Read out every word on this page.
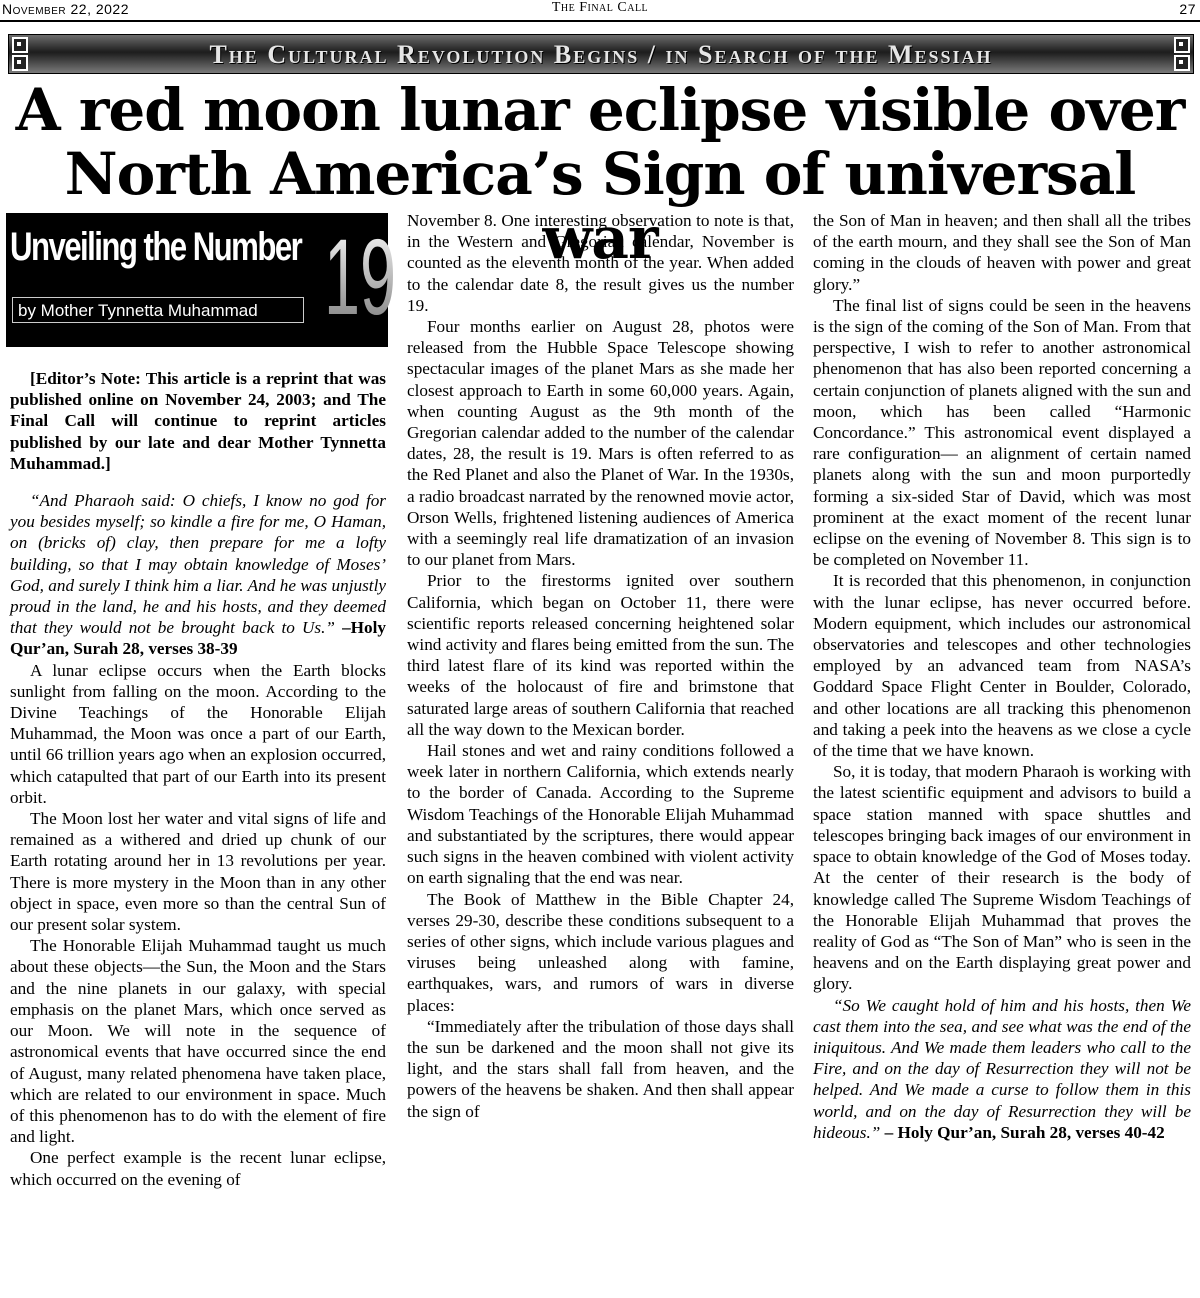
November 22, 2022	The Final Call	27
The Cultural Revolution Begins / in Search of the Messiah
A red moon lunar eclipse visible over
North America’s Sign of universal war
Unveiling the Number 19
by Mother Tynnetta Muhammad

[Editor’s Note: This article is a reprint that was published online on November 24, 2003; and The Final Call will continue to reprint articles published by our late and dear Mother Tynnetta Muhammad.]

“And Pharaoh said: O chiefs, I know no god for you besides myself; so kindle a fire for me, O Haman, on (bricks of) clay, then prepare for me a lofty building, so that I may obtain knowledge of Moses’ God, and surely I think him a liar. And he was unjustly proud in the land, he and his hosts, and they deemed that they would not be brought back to Us.” –Holy Qur’an, Surah 28, verses 38-39

A lunar eclipse occurs when the Earth blocks sunlight from falling on the moon. According to the Divine Teachings of the Honorable Elijah Muhammad, the Moon was once a part of our Earth, until 66 trillion years ago when an explosion occurred, which catapulted that part of our Earth into its present orbit.

The Moon lost her water and vital signs of life and remained as a withered and dried up chunk of our Earth rotating around her in 13 revolutions per year. There is more mystery in the Moon than in any other object in space, even more so than the central Sun of our present solar system.

The Honorable Elijah Muhammad taught us much about these objects—the Sun, the Moon and the Stars and the nine planets in our galaxy, with special emphasis on the planet Mars, which once served as our Moon. We will note in the sequence of astronomical events that have occurred since the end of August, many related phenomena have taken place, which are related to our environment in space. Much of this phenomenon has to do with the element of fire and light.

One perfect example is the recent lunar eclipse, which occurred on the evening of

November 8. One interesting observation to note is that, in the Western and Gregorian calendar, November is counted as the eleventh month of the year. When added to the calendar date 8, the result gives us the number 19.

Four months earlier on August 28, photos were released from the Hubble Space Telescope showing spectacular images of the planet Mars as she made her closest approach to Earth in some 60,000 years. Again, when counting August as the 9th month of the Gregorian calendar added to the number of the calendar dates, 28, the result is 19. Mars is often referred to as the Red Planet and also the Planet of War. In the 1930s, a radio broadcast narrated by the renowned movie actor, Orson Wells, frightened listening audiences of America with a seemingly real life dramatization of an invasion to our planet from Mars.

Prior to the firestorms ignited over southern California, which began on October 11, there were scientific reports released concerning heightened solar wind activity and flares being emitted from the sun. The third latest flare of its kind was reported within the weeks of the holocaust of fire and brimstone that saturated large areas of southern California that reached all the way down to the Mexican border.

Hail stones and wet and rainy conditions followed a week later in northern California, which extends nearly to the border of Canada. According to the Supreme Wisdom Teachings of the Honorable Elijah Muhammad and substantiated by the scriptures, there would appear such signs in the heaven combined with violent activity on earth signaling that the end was near.

The Book of Matthew in the Bible Chapter 24, verses 29-30, describe these conditions subsequent to a series of other signs, which include various plagues and viruses being unleashed along with famine, earthquakes, wars, and rumors of wars in diverse places:

“Immediately after the tribulation of those days shall the sun be darkened and the moon shall not give its light, and the stars shall fall from heaven, and the powers of the heavens be shaken. And then shall appear the sign of

the Son of Man in heaven; and then shall all the tribes of the earth mourn, and they shall see the Son of Man coming in the clouds of heaven with power and great glory.”

The final list of signs could be seen in the heavens is the sign of the coming of the Son of Man. From that perspective, I wish to refer to another astronomical phenomenon that has also been reported concerning a certain conjunction of planets aligned with the sun and moon, which has been called “Harmonic Concordance.” This astronomical event displayed a rare configuration— an alignment of certain named planets along with the sun and moon purportedly forming a six-sided Star of David, which was most prominent at the exact moment of the recent lunar eclipse on the evening of November 8. This sign is to be completed on November 11.

It is recorded that this phenomenon, in conjunction with the lunar eclipse, has never occurred before. Modern equipment, which includes our astronomical observatories and telescopes and other technologies employed by an advanced team from NASA’s Goddard Space Flight Center in Boulder, Colorado, and other locations are all tracking this phenomenon and taking a peek into the heavens as we close a cycle of the time that we have known.

So, it is today, that modern Pharaoh is working with the latest scientific equipment and advisors to build a space station manned with space shuttles and telescopes bringing back images of our environment in space to obtain knowledge of the God of Moses today. At the center of their research is the body of knowledge called The Supreme Wisdom Teachings of the Honorable Elijah Muhammad that proves the reality of God as “The Son of Man” who is seen in the heavens and on the Earth displaying great power and glory.

“So We caught hold of him and his hosts, then We cast them into the sea, and see what was the end of the iniquitous. And We made them leaders who call to the Fire, and on the day of Resurrection they will not be helped. And We made a curse to follow them in this world, and on the day of Resurrection they will be hideous.” – Holy Qur’an, Surah 28, verses 40-42
